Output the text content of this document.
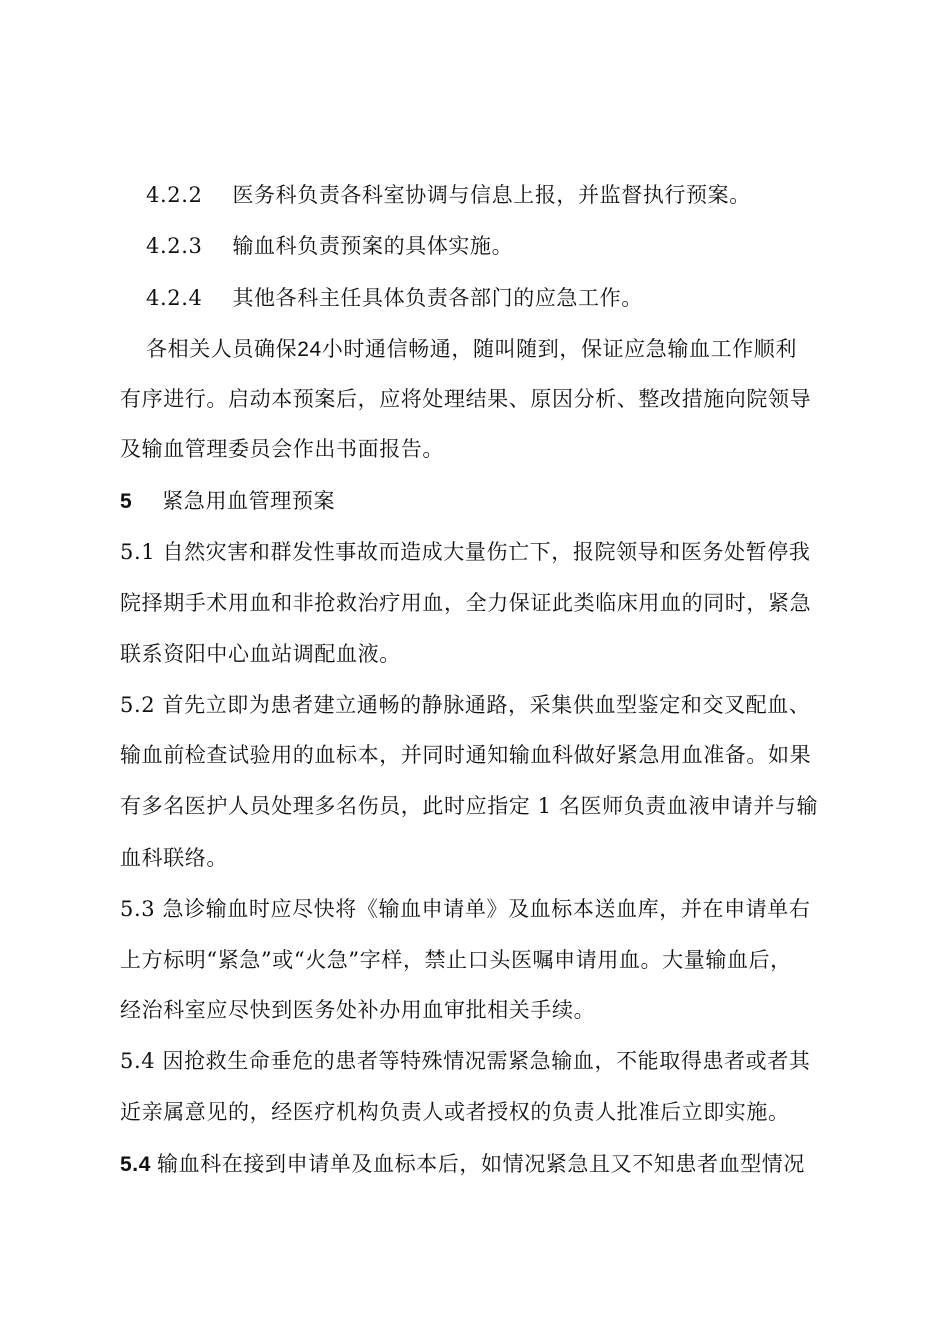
4.2.2 医务科负责各科室协调与信息上报，并监督执行预案。
4.2.3 输血科负责预案的具体实施。
4.2.4 其他各科主任具体负责各部门的应急工作。
各相关人员确保24小时通信畅通，随叫随到，保证应急输血工作顺利
有序进行。启动本预案后，应将处理结果、原因分析、整改措施向院领导
及输血管理委员会作出书面报告。
5 紧急用血管理预案
5.1 自然灾害和群发性事故而造成大量伤亡下，报院领导和医务处暂停我
院择期手术用血和非抢救治疗用血，全力保证此类临床用血的同时，紧急
联系资阳中心血站调配血液。
5.2 首先立即为患者建立通畅的静脉通路，采集供血型鉴定和交叉配血、
输血前检查试验用的血标本，并同时通知输血科做好紧急用血准备。如果
有多名医护人员处理多名伤员，此时应指定 1 名医师负责血液申请并与输
血科联络。
5.3 急诊输血时应尽快将《输血申请单》及血标本送血库，并在申请单右
上方标明“紧急”或“火急”字样，禁止口头医嘱申请用血。大量输血后，
经治科室应尽快到医务处补办用血审批相关手续。
5.4 因抢救生命垂危的患者等特殊情况需紧急输血，不能取得患者或者其
近亲属意见的，经医疗机构负责人或者授权的负责人批准后立即实施。
5.4 输血科在接到申请单及血标本后，如情况紧急且又不知患者血型情况
